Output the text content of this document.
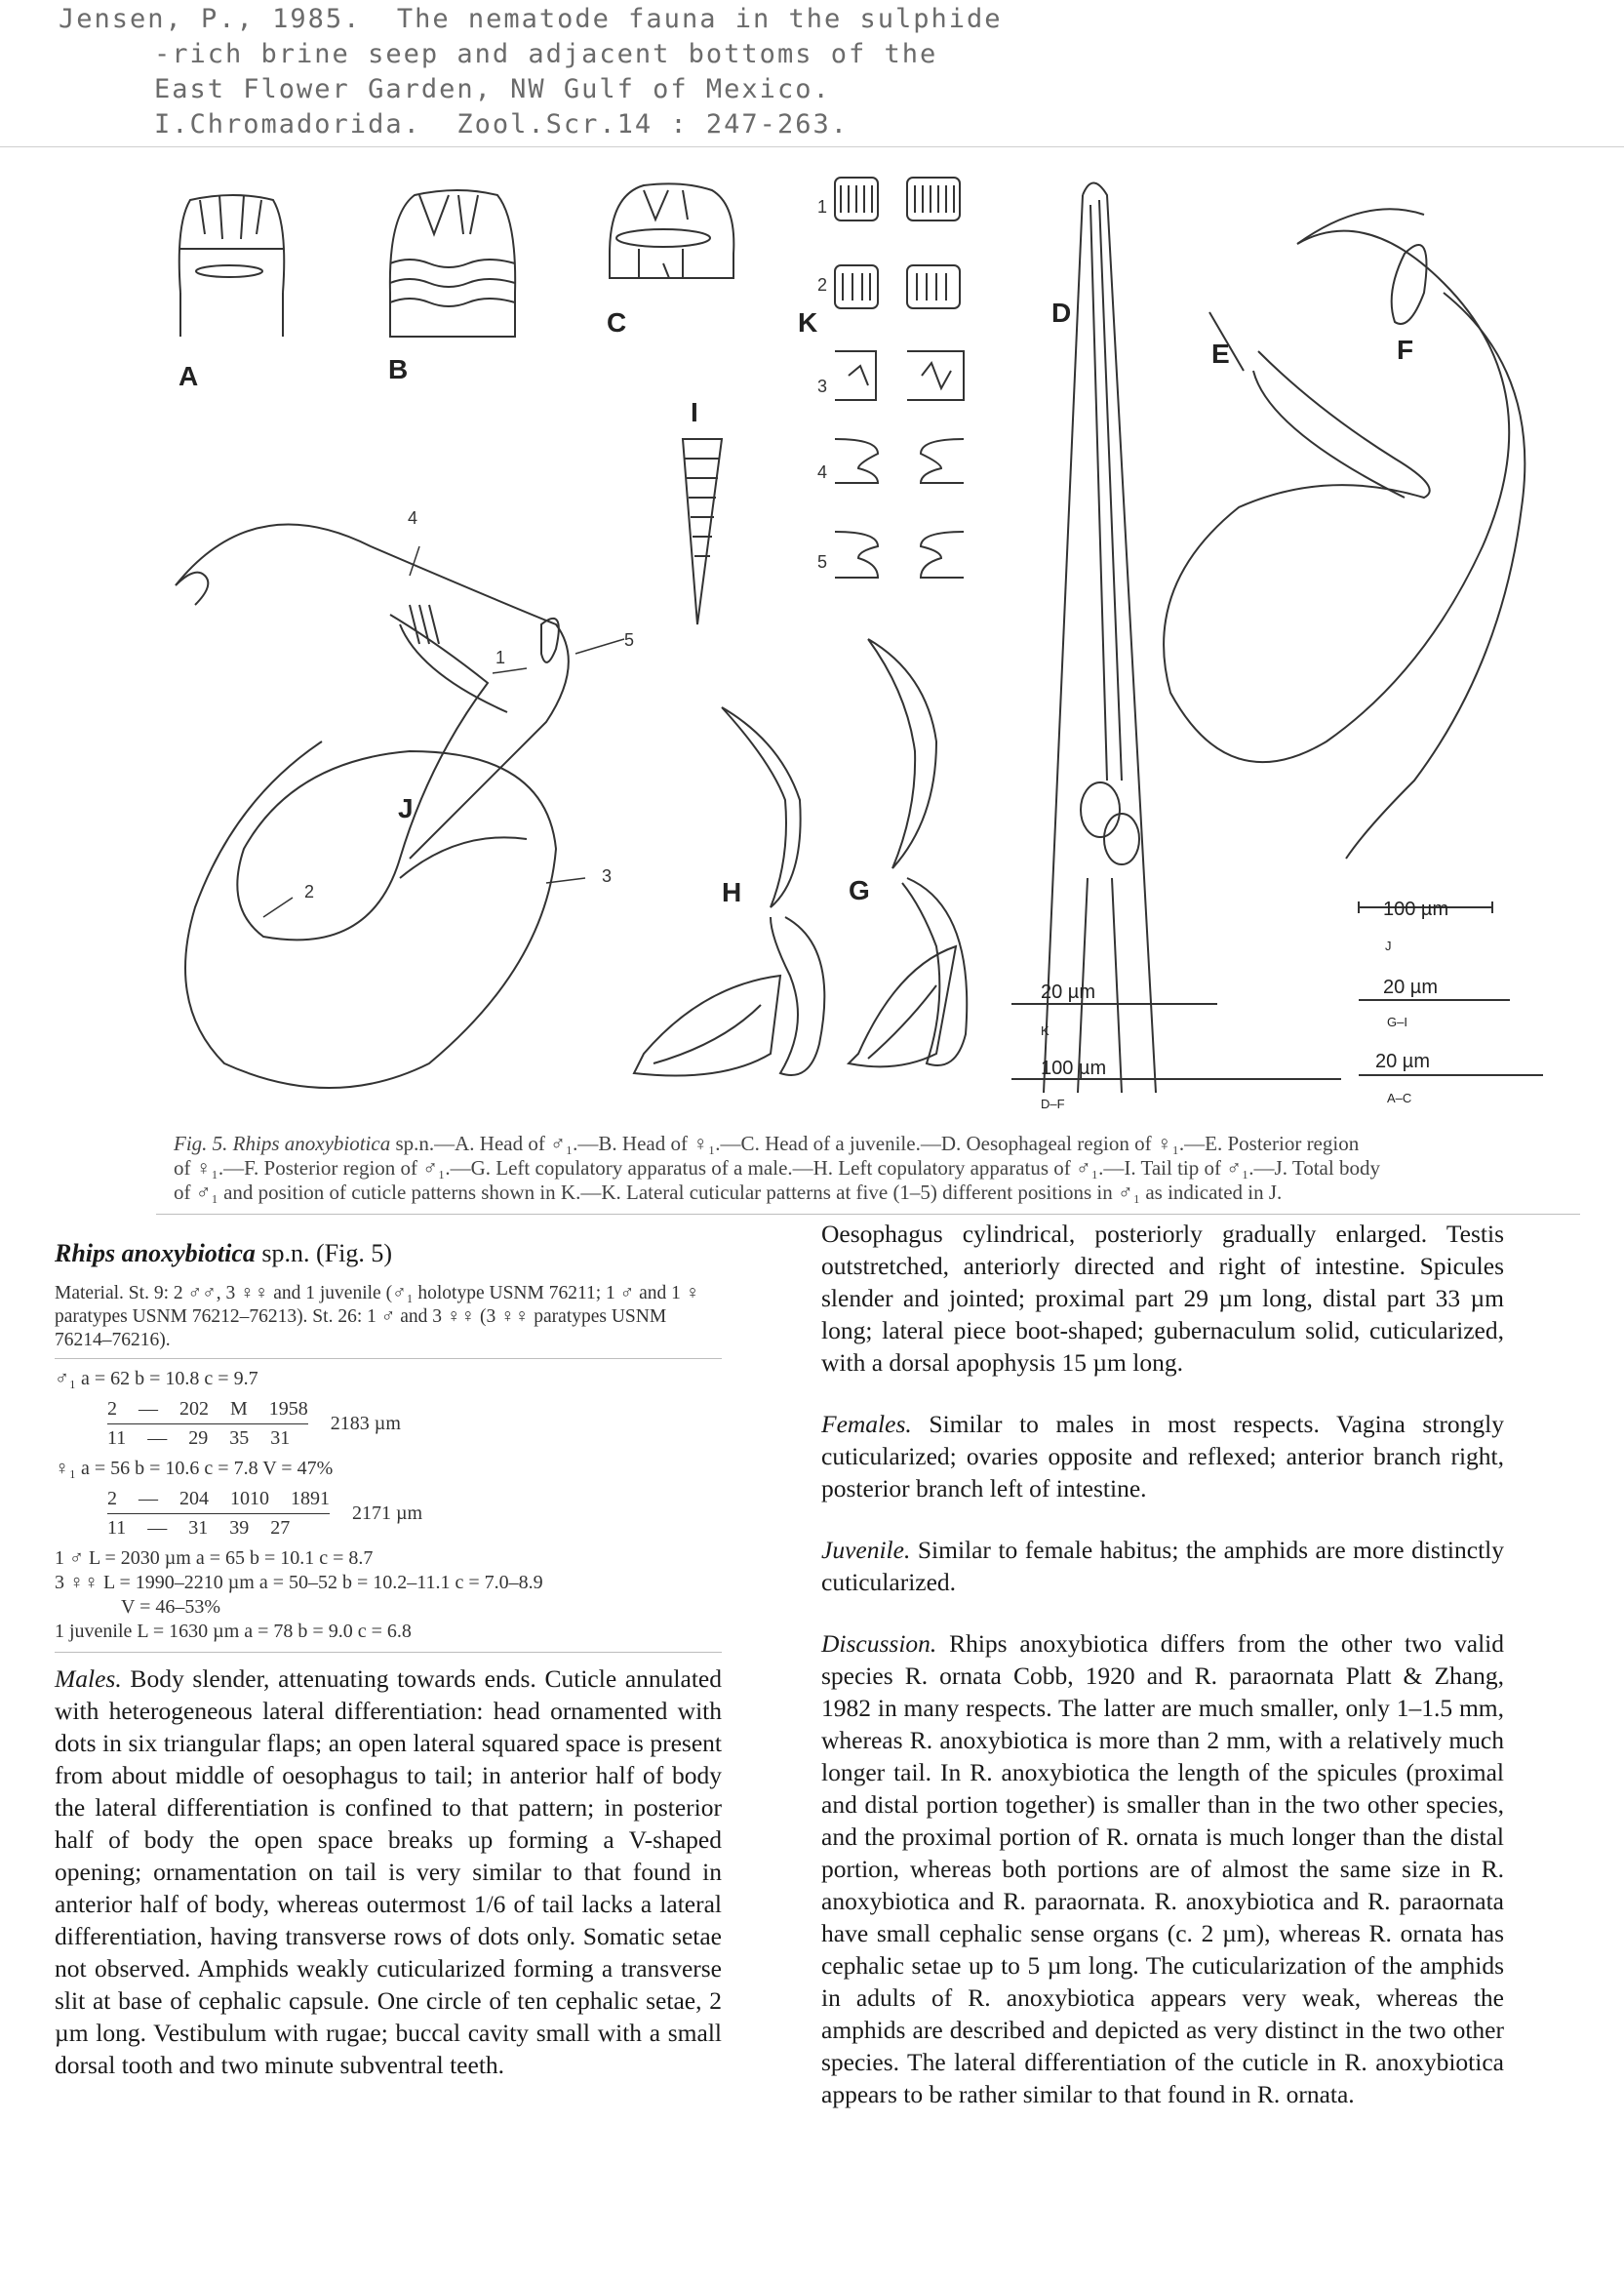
Jensen, P., 1985.  The nematode fauna in the sulphide
-rich brine seep and adjacent bottoms of the
East Flower Garden, NW Gulf of Mexico.
I.Chromadorida.  Zool.Scr.14 : 247-263.
1
2
3
4
5
1
2
3
4
5
A	B
C	K	D
E	F
I
J
H	G
100 µm
J
20 µm
K
20 µm
G–I
100 µm
D–F
20 µm
A–C
Fig. 5. Rhips anoxybiotica sp.n.—A. Head of ♂₁.—B. Head of ♀₁.—C. Head of a juvenile.—D. Oesophageal region of ♀₁.—E. Posterior region
of ♀₁.—F. Posterior region of ♂₁.—G. Left copulatory apparatus of a male.—H. Left copulatory apparatus of ♂₁.—I. Tail tip of ♂₁.—J. Total body
of ♂₁ and position of cuticle patterns shown in K.—K. Lateral cuticular patterns at five (1–5) different positions in ♂₁ as indicated in J.
Rhips anoxybiotica sp.n. (Fig. 5)
Material. St. 9: 2 ♂♂, 3 ♀♀ and 1 juvenile (♂₁ holotype USNM 76211; 1 ♂ and 1 ♀ paratypes USNM 76212–76213). St. 26: 1 ♂ and 3 ♀♀ (3 ♀♀ paratypes USNM 76214–76216).
♂₁ a = 62 b = 10.8 c = 9.7
$\frac{2 — 202 M 1958}{11 — 29 35 31} 2183$ µm
♀₁ a = 56 b = 10.6 c = 7.8 V = 47%
$\frac{2 — 204 1010 1891}{11 — 31 39 27} 2171$ µm
1 ♂ L = 2030 µm a = 65 b = 10.1 c = 8.7
3 ♀♀ L = 1990–2210 µm a = 50–52 b = 10.2–11.1 c = 7.0–8.9
V = 46–53%
1 juvenile L = 1630 µm a = 78 b = 9.0 c = 6.8

Males. Body slender, attenuating towards ends. Cuticle annulated with heterogeneous lateral differentiation: head ornamented with dots in six triangular flaps; an open lateral squared space is present from about middle of oesophagus to tail; in anterior half of body the lateral differentiation is confined to that pattern; in posterior half of body the open space breaks up forming a V-shaped opening; ornamentation on tail is very similar to that found in anterior half of body, whereas outermost 1/6 of tail lacks a lateral differentiation, having transverse rows of dots only. Somatic setae not observed. Amphids weakly cuticularized forming a transverse slit at base of cephalic capsule. One circle of ten cephalic setae, 2 µm long. Vestibulum with rugae; buccal cavity small with a small dorsal tooth and two minute subventral teeth.

Oesophagus cylindrical, posteriorly gradually enlarged. Testis outstretched, anteriorly directed and right of intestine. Spicules slender and jointed; proximal part 29 µm long, distal part 33 µm long; lateral piece boot-shaped; gubernaculum solid, cuticularized, with a dorsal apophysis 15 µm long.

Females. Similar to males in most respects. Vagina strongly cuticularized; ovaries opposite and reflexed; anterior branch right, posterior branch left of intestine.

Juvenile. Similar to female habitus; the amphids are more distinctly cuticularized.

Discussion. Rhips anoxybiotica differs from the other two valid species R. ornata Cobb, 1920 and R. paraornata Platt & Zhang, 1982 in many respects. The latter are much smaller, only 1–1.5 mm, whereas R. anoxybiotica is more than 2 mm, with a relatively much longer tail. In R. anoxybiotica the length of the spicules (proximal and distal portion together) is smaller than in the two other species, and the proximal portion of R. ornata is much longer than the distal portion, whereas both portions are of almost the same size in R. anoxybiotica and R. paraornata. R. anoxybiotica and R. paraornata have small cephalic sense organs (c. 2 µm), whereas R. ornata has cephalic setae up to 5 µm long. The cuticularization of the amphids in adults of R. anoxybiotica appears very weak, whereas the amphids are described and depicted as very distinct in the two other species. The lateral differentiation of the cuticle in R. anoxybiotica appears to be rather similar to that found in R. ornata.
